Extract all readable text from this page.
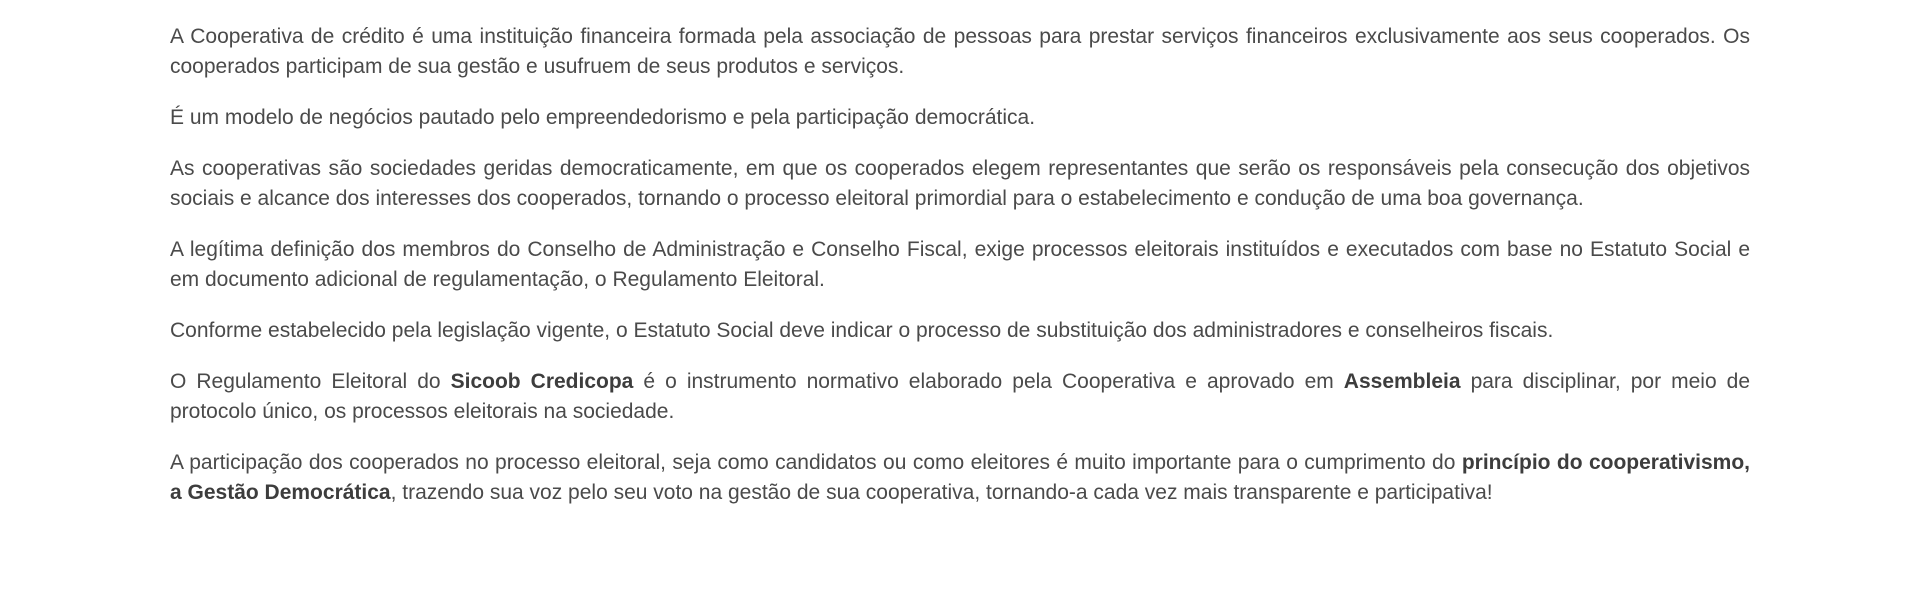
A Cooperativa de crédito é uma instituição financeira formada pela associação de pessoas para prestar serviços financeiros exclusivamente aos seus cooperados. Os cooperados participam de sua gestão e usufruem de seus produtos e serviços.

É um modelo de negócios pautado pelo empreendedorismo e pela participação democrática.

As cooperativas são sociedades geridas democraticamente, em que os cooperados elegem representantes que serão os responsáveis pela consecução dos objetivos sociais e alcance dos interesses dos cooperados, tornando o processo eleitoral primordial para o estabelecimento e condução de uma boa governança.

A legítima definição dos membros do Conselho de Administração e Conselho Fiscal, exige processos eleitorais instituídos e executados com base no Estatuto Social e em documento adicional de regulamentação, o Regulamento Eleitoral.

Conforme estabelecido pela legislação vigente, o Estatuto Social deve indicar o processo de substituição dos administradores e conselheiros fiscais.

O Regulamento Eleitoral do Sicoob Credicopa é o instrumento normativo elaborado pela Cooperativa e aprovado em Assembleia para disciplinar, por meio de protocolo único, os processos eleitorais na sociedade.

A participação dos cooperados no processo eleitoral, seja como candidatos ou como eleitores é muito importante para o cumprimento do princípio do cooperativismo, a Gestão Democrática, trazendo sua voz pelo seu voto na gestão de sua cooperativa, tornando-a cada vez mais transparente e participativa!
